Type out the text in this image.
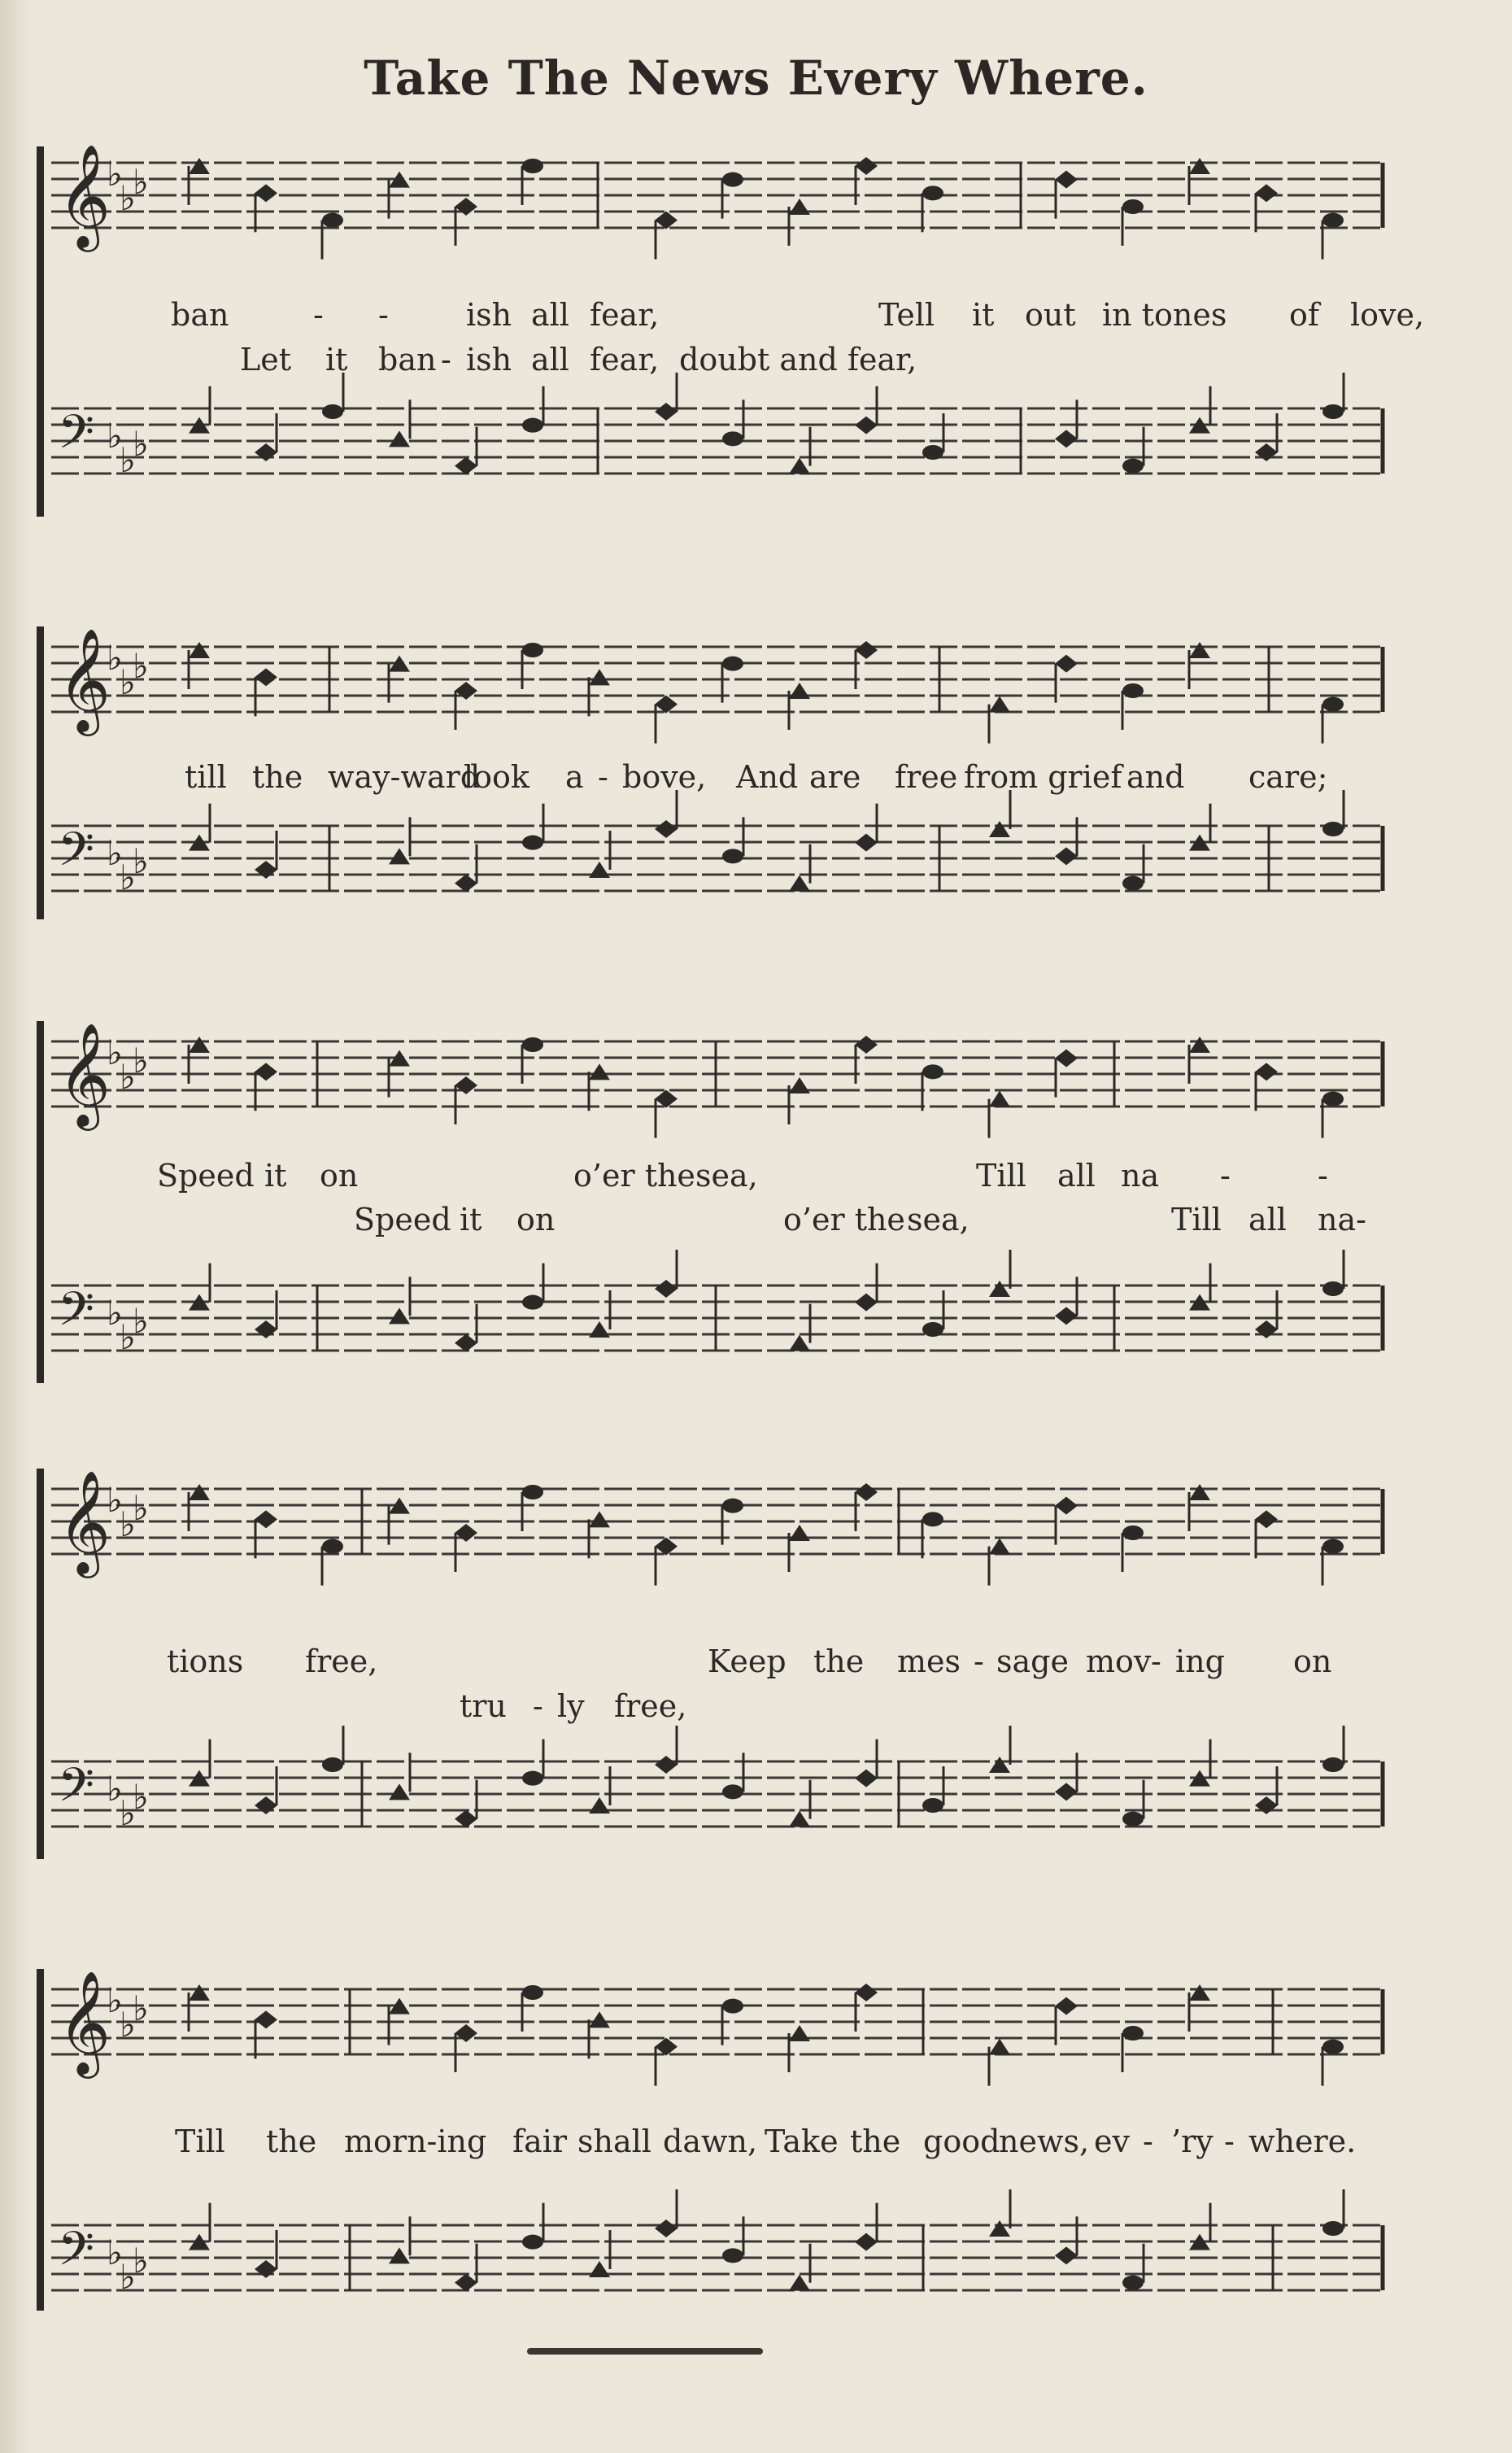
Take The News Every Where.
𝄞
♭
♭
♭
𝄢 ♭
♭
♭
ban	- -	ish all fear,	Tell it out in tones of love,
Let it ban - ish all fear, doubt and fear,
𝄞
♭
♭
♭
𝄢 ♭
♭
♭
till the way-ward
look a - bove, And are free from grief and care;
𝄞
♭
♭
♭
𝄢 ♭
♭
♭
Speed it on	o’er the sea,	Till all na -	-
Speed it on	o’er the sea,	Till all na-
𝄞
♭
♭
♭
𝄢 ♭
♭
♭
tions free,	Keep the mes - sage mov - ing on
tru - ly free,
𝄞
♭
♭
♭
𝄢 ♭
♭
♭
Till the morn-ing fair shall dawn, Take the good
news, ev - ’ry - where.
